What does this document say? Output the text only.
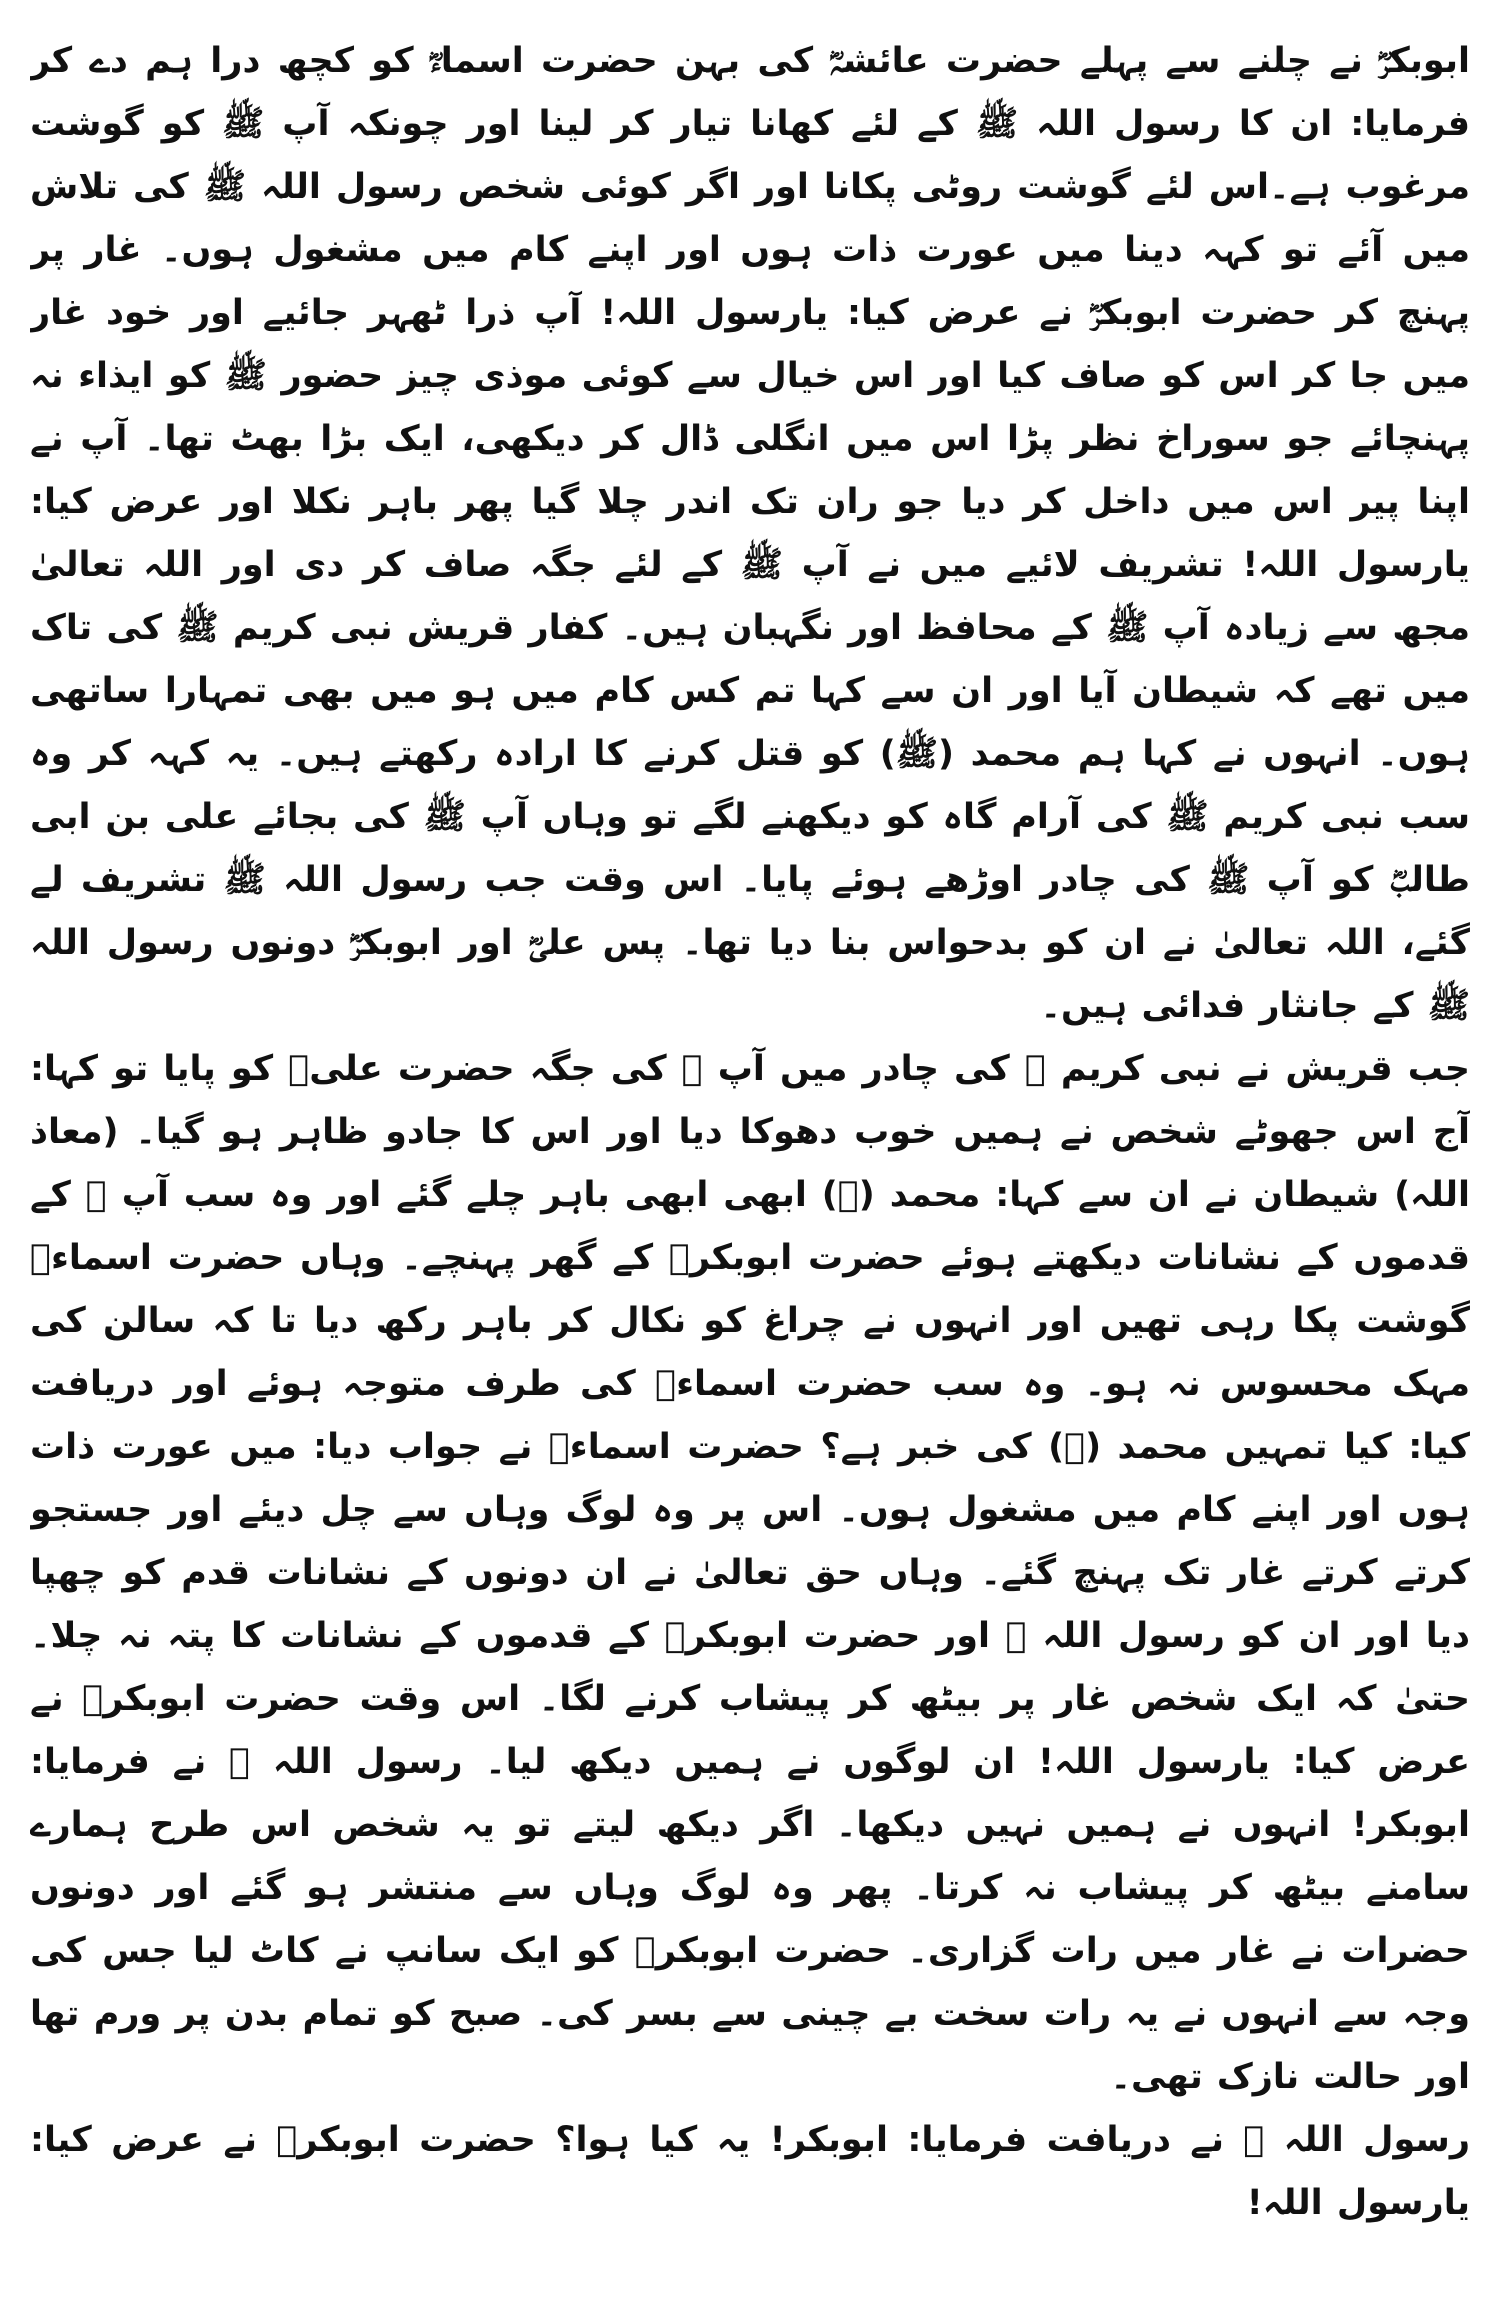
ابوبکرؓ نے چلنے سے پہلے حضرت عائشہؓ کی بہن حضرت اسماءؓ کو کچھ درا ہم دے کر فرمایا: ان کا رسول اللہ ﷺ کے لئے کھانا تیار کر لینا اور چونکہ آپ ﷺ کو گوشت مرغوب ہے۔اس لئے گوشت روٹی پکانا اور اگر کوئی شخص رسول اللہ ﷺ کی تلاش میں آئے تو کہہ دینا میں عورت ذات ہوں اور اپنے کام میں مشغول ہوں۔ غار پر پہنچ کر حضرت ابوبکرؓ نے عرض کیا: یارسول اللہ! آپ ذرا ٹھہر جائیے اور خود غار میں جا کر اس کو صاف کیا اور اس خیال سے کوئی موذی چیز حضور ﷺ کو ایذاء نہ پہنچائے جو سوراخ نظر پڑا اس میں انگلی ڈال کر دیکھی، ایک بڑا بھٹ تھا۔ آپ نے اپنا پیر اس میں داخل کر دیا جو ران تک اندر چلا گیا پھر باہر نکلا اور عرض کیا: یارسول اللہ! تشریف لائیے میں نے آپ ﷺ کے لئے جگہ صاف کر دی اور اللہ تعالیٰ مجھ سے زیادہ آپ ﷺ کے محافظ اور نگہبان ہیں۔ کفار قریش نبی کریم ﷺ کی تاک میں تھے کہ شیطان آیا اور ان سے کہا تم کس کام میں ہو میں بھی تمہارا ساتھی ہوں۔ انہوں نے کہا ہم محمد (ﷺ) کو قتل کرنے کا ارادہ رکھتے ہیں۔ یہ کہہ کر وہ سب نبی کریم ﷺ کی آرام گاہ کو دیکھنے لگے تو وہاں آپ ﷺ کی بجائے علی بن ابی طالبؓ کو آپ ﷺ کی چادر اوڑھے ہوئے پایا۔ اس وقت جب رسول اللہ ﷺ تشریف لے گئے، اللہ تعالیٰ نے ان کو بدحواس بنا دیا تھا۔ پس علیؓ اور ابوبکرؓ دونوں رسول اللہ ﷺ کے جانثار فدائی ہیں۔

جب قریش نے نبی کریم ﷺ کی چادر میں آپ ﷺ کی جگہ حضرت علیؓ کو پایا تو کہا: آج اس جھوٹے شخص نے ہمیں خوب دھوکا دیا اور اس کا جادو ظاہر ہو گیا۔ (معاذ اللہ) شیطان نے ان سے کہا: محمد (ﷺ) ابھی ابھی باہر چلے گئے اور وہ سب آپ ﷺ کے قدموں کے نشانات دیکھتے ہوئے حضرت ابوبکرؓ کے گھر پہنچے۔ وہاں حضرت اسماءؓ گوشت پکا رہی تھیں اور انہوں نے چراغ کو نکال کر باہر رکھ دیا تا کہ سالن کی مہک محسوس نہ ہو۔ وہ سب حضرت اسماءؓ کی طرف متوجہ ہوئے اور دریافت کیا: کیا تمہیں محمد (ﷺ) کی خبر ہے؟ حضرت اسماءؓ نے جواب دیا: میں عورت ذات ہوں اور اپنے کام میں مشغول ہوں۔ اس پر وہ لوگ وہاں سے چل دیئے اور جستجو کرتے کرتے غار تک پہنچ گئے۔ وہاں حق تعالیٰ نے ان دونوں کے نشانات قدم کو چھپا دیا اور ان کو رسول اللہ ﷺ اور حضرت ابوبکرؓ کے قدموں کے نشانات کا پتہ نہ چلا۔ حتیٰ کہ ایک شخص غار پر بیٹھ کر پیشاب کرنے لگا۔ اس وقت حضرت ابوبکرؓ نے عرض کیا: یارسول اللہ! ان لوگوں نے ہمیں دیکھ لیا۔ رسول اللہ ﷺ نے فرمایا: ابوبکر! انہوں نے ہمیں نہیں دیکھا۔ اگر دیکھ لیتے تو یہ شخص اس طرح ہمارے سامنے بیٹھ کر پیشاب نہ کرتا۔ پھر وہ لوگ وہاں سے منتشر ہو گئے اور دونوں حضرات نے غار میں رات گزاری۔ حضرت ابوبکرؓ کو ایک سانپ نے کاٹ لیا جس کی وجہ سے انہوں نے یہ رات سخت بے چینی سے بسر کی۔ صبح کو تمام بدن پر ورم تھا اور حالت نازک تھی۔

رسول اللہ ﷺ نے دریافت فرمایا: ابوبکر! یہ کیا ہوا؟ حضرت ابوبکرؓ نے عرض کیا: یارسول اللہ!
